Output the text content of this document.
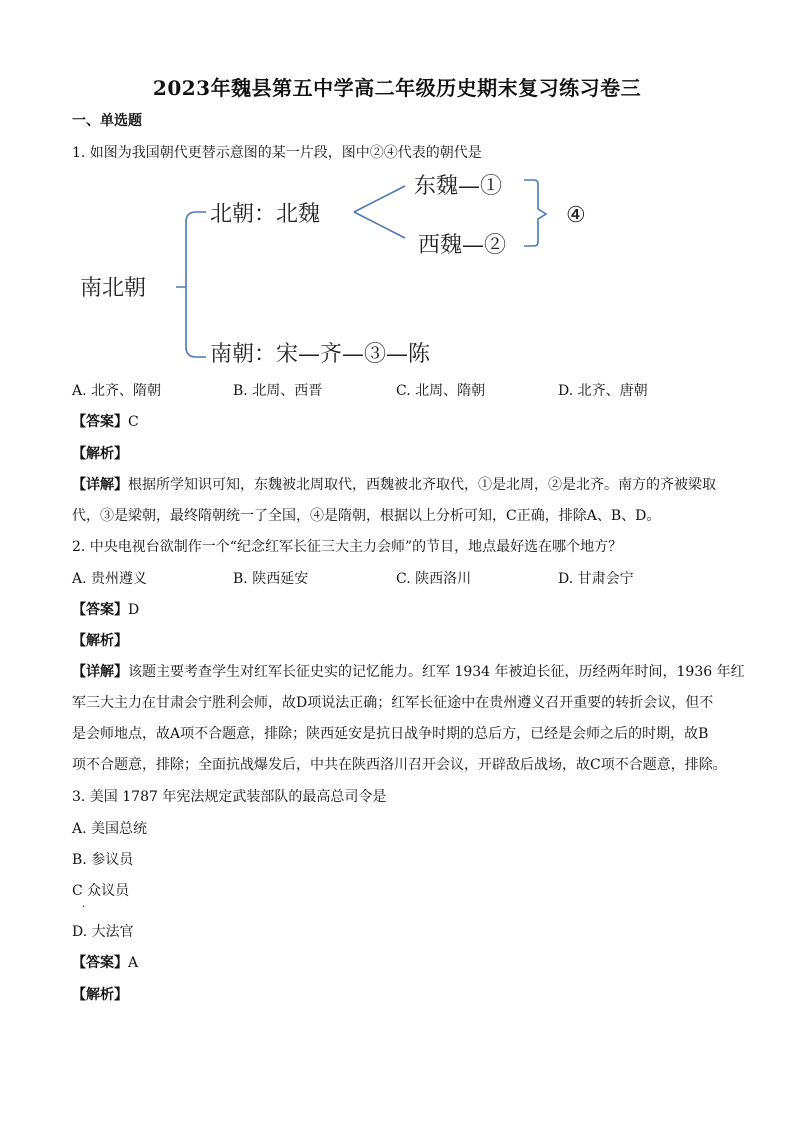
2023年魏县第五中学高二年级历史期末复习练习卷三
一、单选题
1. 如图为我国朝代更替示意图的某一片段，图中②④代表的朝代是
南北朝
北朝：北魏
东魏—①
西魏—②
④
南朝：宋—齐—③—陈
A. 北齐、隋朝	B. 北周、西晋	C. 北周、隋朝	D. 北齐、唐朝
【答案】C
【解析】
【详解】根据所学知识可知，东魏被北周取代，西魏被北齐取代，①是北周，②是北齐。南方的齐被梁取
代，③是梁朝，最终隋朝统一了全国，④是隋朝，根据以上分析可知，C正确，排除A、B、D。
2. 中央电视台欲制作一个“纪念红军长征三大主力会师”的节目，地点最好选在哪个地方？
A. 贵州遵义	B. 陕西延安	C. 陕西洛川	D. 甘肃会宁
【答案】D
【解析】
【详解】该题主要考查学生对红军长征史实的记忆能力。红军 1934 年被迫长征，历经两年时间，1936 年红
军三大主力在甘肃会宁胜利会师，故D项说法正确；红军长征途中在贵州遵义召开重要的转折会议，但不
是会师地点，故A项不合题意，排除；陕西延安是抗日战争时期的总后方，已经是会师之后的时期，故B
项不合题意，排除；全面抗战爆发后，中共在陕西洛川召开会议，开辟敌后战场，故C项不合题意，排除。
3. 美国 1787 年宪法规定武装部队的最高总司令是
A. 美国总统
B. 参议员
C 众议员
·
D. 大法官
【答案】A
【解析】
